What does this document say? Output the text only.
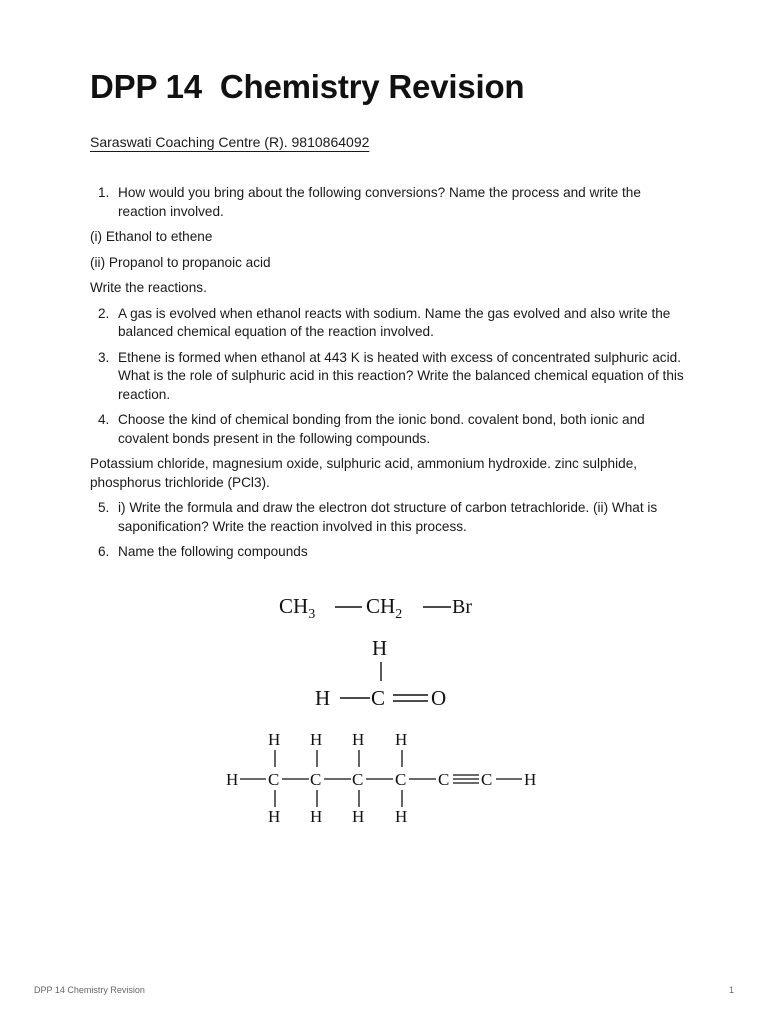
DPP 14  Chemistry Revision
Saraswati Coaching Centre (R). 9810864092
1. How would you bring about the following conversions? Name the process and write the reaction involved.
(i) Ethanol to ethene
(ii) Propanol to propanoic acid
Write the reactions.
2. A gas is evolved when ethanol reacts with sodium. Name the gas evolved and also write the balanced chemical equation of the reaction involved.
3. Ethene is formed when ethanol at 443 K is heated with excess of concentrated sulphuric acid. What is the role of sulphuric acid in this reaction? Write the balanced chemical equation of this reaction.
4. Choose the kind of chemical bonding from the ionic bond. covalent bond, both ionic and covalent bonds present in the following compounds.
Potassium chloride, magnesium oxide, sulphuric acid, ammonium hydroxide. zinc sulphide, phosphorus trichloride (PCl3).
5. i) Write the formula and draw the electron dot structure of carbon tetrachloride. (ii) What is saponification? Write the reaction involved in this process.
6. Name the following compounds
$CH_3$ $CH_2$ Br
H
H C O
H H H H
H C C C C C C H
H H H H
DPP 14 Chemistry Revision	1
